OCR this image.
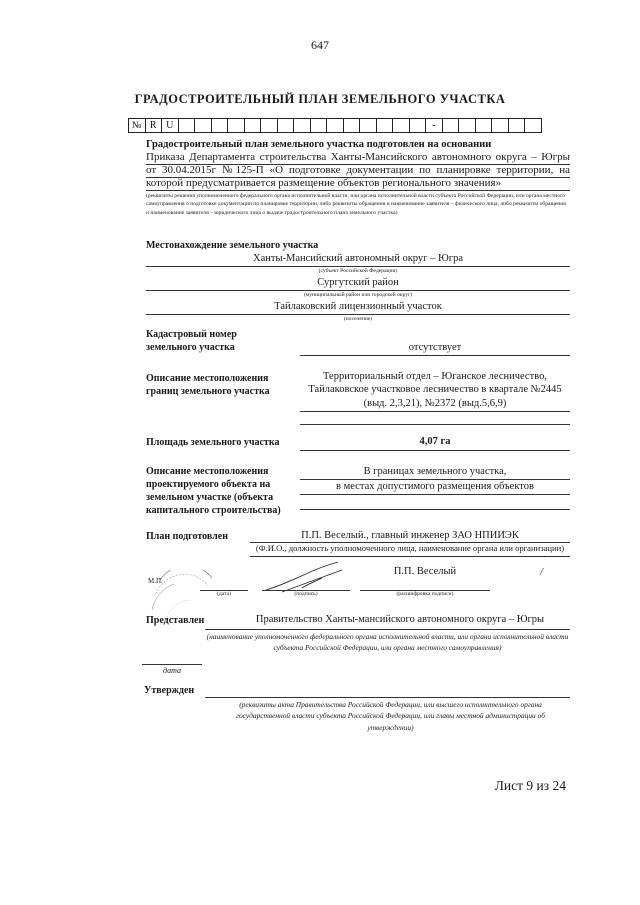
647
ГРАДОСТРОИТЕЛЬНЫЙ ПЛАН ЗЕМЕЛЬНОГО УЧАСТКА
№	R	U																-						
Градостроительный план земельного участка подготовлен на основании
Приказа Департамента строительства Ханты-Мансийского автономного округа – Югры от 30.04.2015г №125-П «О подготовке документации по планировке территории, на которой предусматривается размещение объектов регионального значения»
(реквизиты решения уполномоченного федерального органа исполнительной власти, или органа исполнительной власти субъекта Российской Федерации, или органа местного самоуправления о подготовке документации по планировке территории, либо реквизиты обращения и наименование заявителя – физического лица, либо реквизиты обращения и наименование заявителя – юридического лица о выдаче градостроительного плана земельного участка)
Местонахождение земельного участка
Ханты-Мансийский автономный округ – Югра
(субъект Российской Федерации)
Сургутский район
(муниципальный район или городской округ)
Тайлаковский лицензионный участок
(поселение)
Кадастровый номер земельного участка	отсутствует
Описание местоположения границ земельного участка
Территориальный отдел – Юганское лесничество,
Тайлаковское участковое лесничество в квартале №2445
(выд. 2,3,21), №2372 (выд.5,6,9)
Площадь земельного участка	4,07 га
Описание местоположения проектируемого объекта на земельном участке (объекта капитального строительства)
В границах земельного участка,
в местах допустимого размещения объектов
План подготовлен	П.П. Веселый., главный инженер ЗАО НПИИЭК
(Ф.И.О., должность уполномоченного лица, наименование органа или организации)
М.П.
(дата)	(подпись)
П.П. Веселый
(расшифровка подписи)
/
Представлен	Правительство Ханты-мансийского автономного округа – Югры
(наименование уполномоченного федерального органа исполнительной власти, или органа исполнительной власти субъекта Российской Федерации, или органа местного самоуправления)
дата
Утвержден
(реквизиты акта Правительства Российской Федерации, или высшего исполнительного органа государственной власти субъекта Российской Федерации, или главы местной администрации об утверждении)
Лист 9 из 24
